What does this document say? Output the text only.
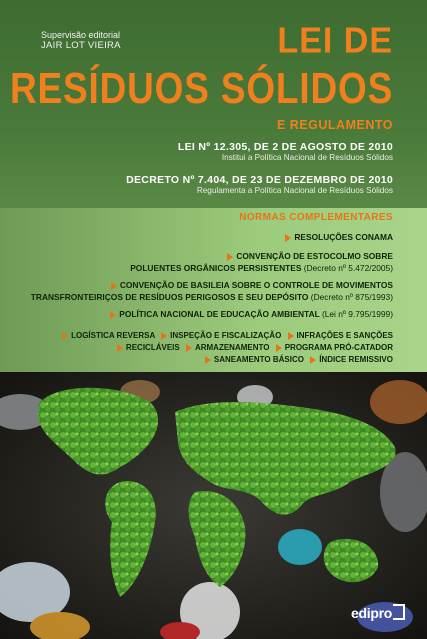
Supervisão editorial
JAIR LOT VIEIRA	LEI DE
RESÍDUOS SÓLIDOS
E REGULAMENTO
LEI Nº 12.305, DE 2 DE AGOSTO DE 2010
Institui a Política Nacional de Resíduos Sólidos
DECRETO Nº 7.404, DE 23 DE DEZEMBRO DE 2010
Regulamenta a Política Nacional de Resíduos Sólidos
NORMAS COMPLEMENTARES
RESOLUÇÕES CONAMA
CONVENÇÃO DE ESTOCOLMO SOBRE
POLUENTES ORGÂNICOS PERSISTENTES (Decreto nº 5.472/2005)
CONVENÇÃO DE BASILEIA SOBRE O CONTROLE DE MOVIMENTOS
TRANSFRONTEIRIÇOS DE RESÍDUOS PERIGOSOS E SEU DEPÓSITO (Decreto nº 875/1993)
POLÍTICA NACIONAL DE EDUCAÇÃO AMBIENTAL (Lei nº 9.795/1999)
LOGÍSTICA REVERSA INSPEÇÃO E FISCALIZAÇÃO INFRAÇÕES E SANÇÕES
RECICLÁVEIS ARMAZENAMENTO PROGRAMA PRÓ-CATADOR
SANEAMENTO BÁSICO ÍNDICE REMISSIVO
edipro
